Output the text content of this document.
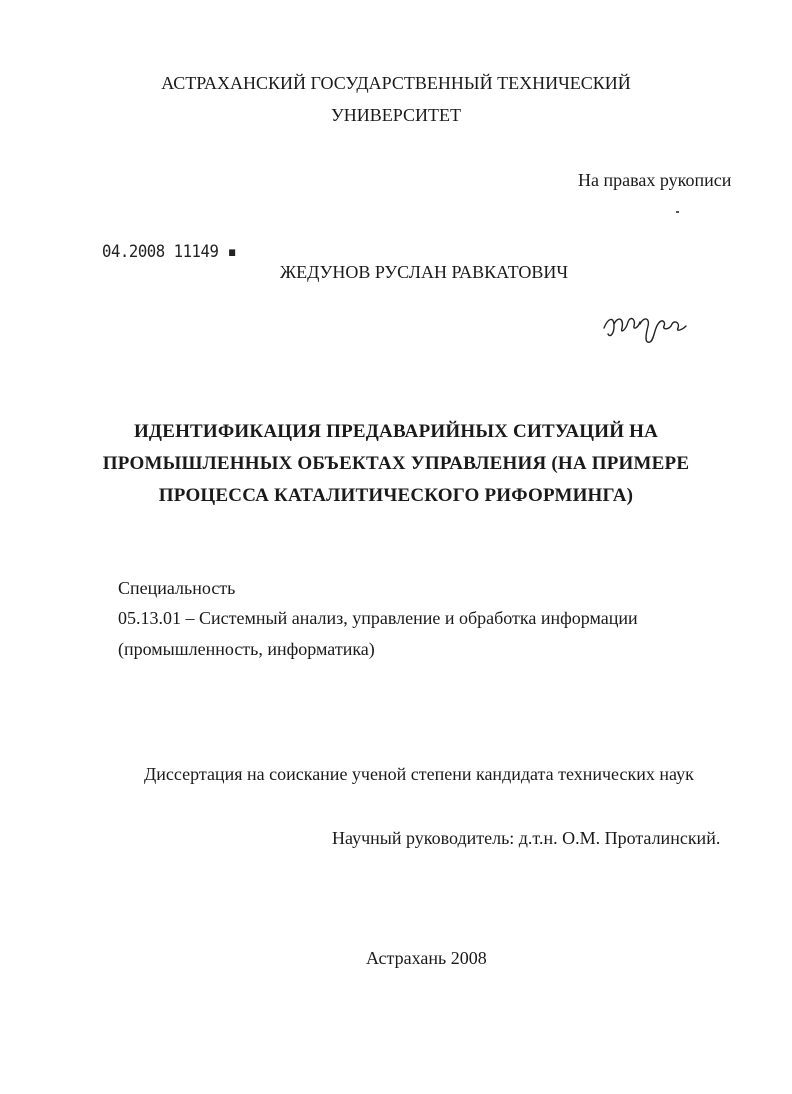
АСТРАХАНСКИЙ ГОСУДАРСТВЕННЫЙ ТЕХНИЧЕСКИЙ
УНИВЕРСИТЕТ
На правах рукописи
04.2008 11149 ▪
ЖЕДУНОВ РУСЛАН РАВКАТОВИЧ
ИДЕНТИФИКАЦИЯ ПРЕДАВАРИЙНЫХ СИТУАЦИЙ НА
ПРОМЫШЛЕННЫХ ОБЪЕКТАХ УПРАВЛЕНИЯ (НА ПРИМЕРЕ
ПРОЦЕССА КАТАЛИТИЧЕСКОГО РИФОРМИНГА)
Специальность
05.13.01 – Системный анализ, управление и обработка информации
(промышленность, информатика)
Диссертация на соискание ученой степени кандидата технических наук
Научный руководитель: д.т.н. О.М. Проталинский.
Астрахань 2008
